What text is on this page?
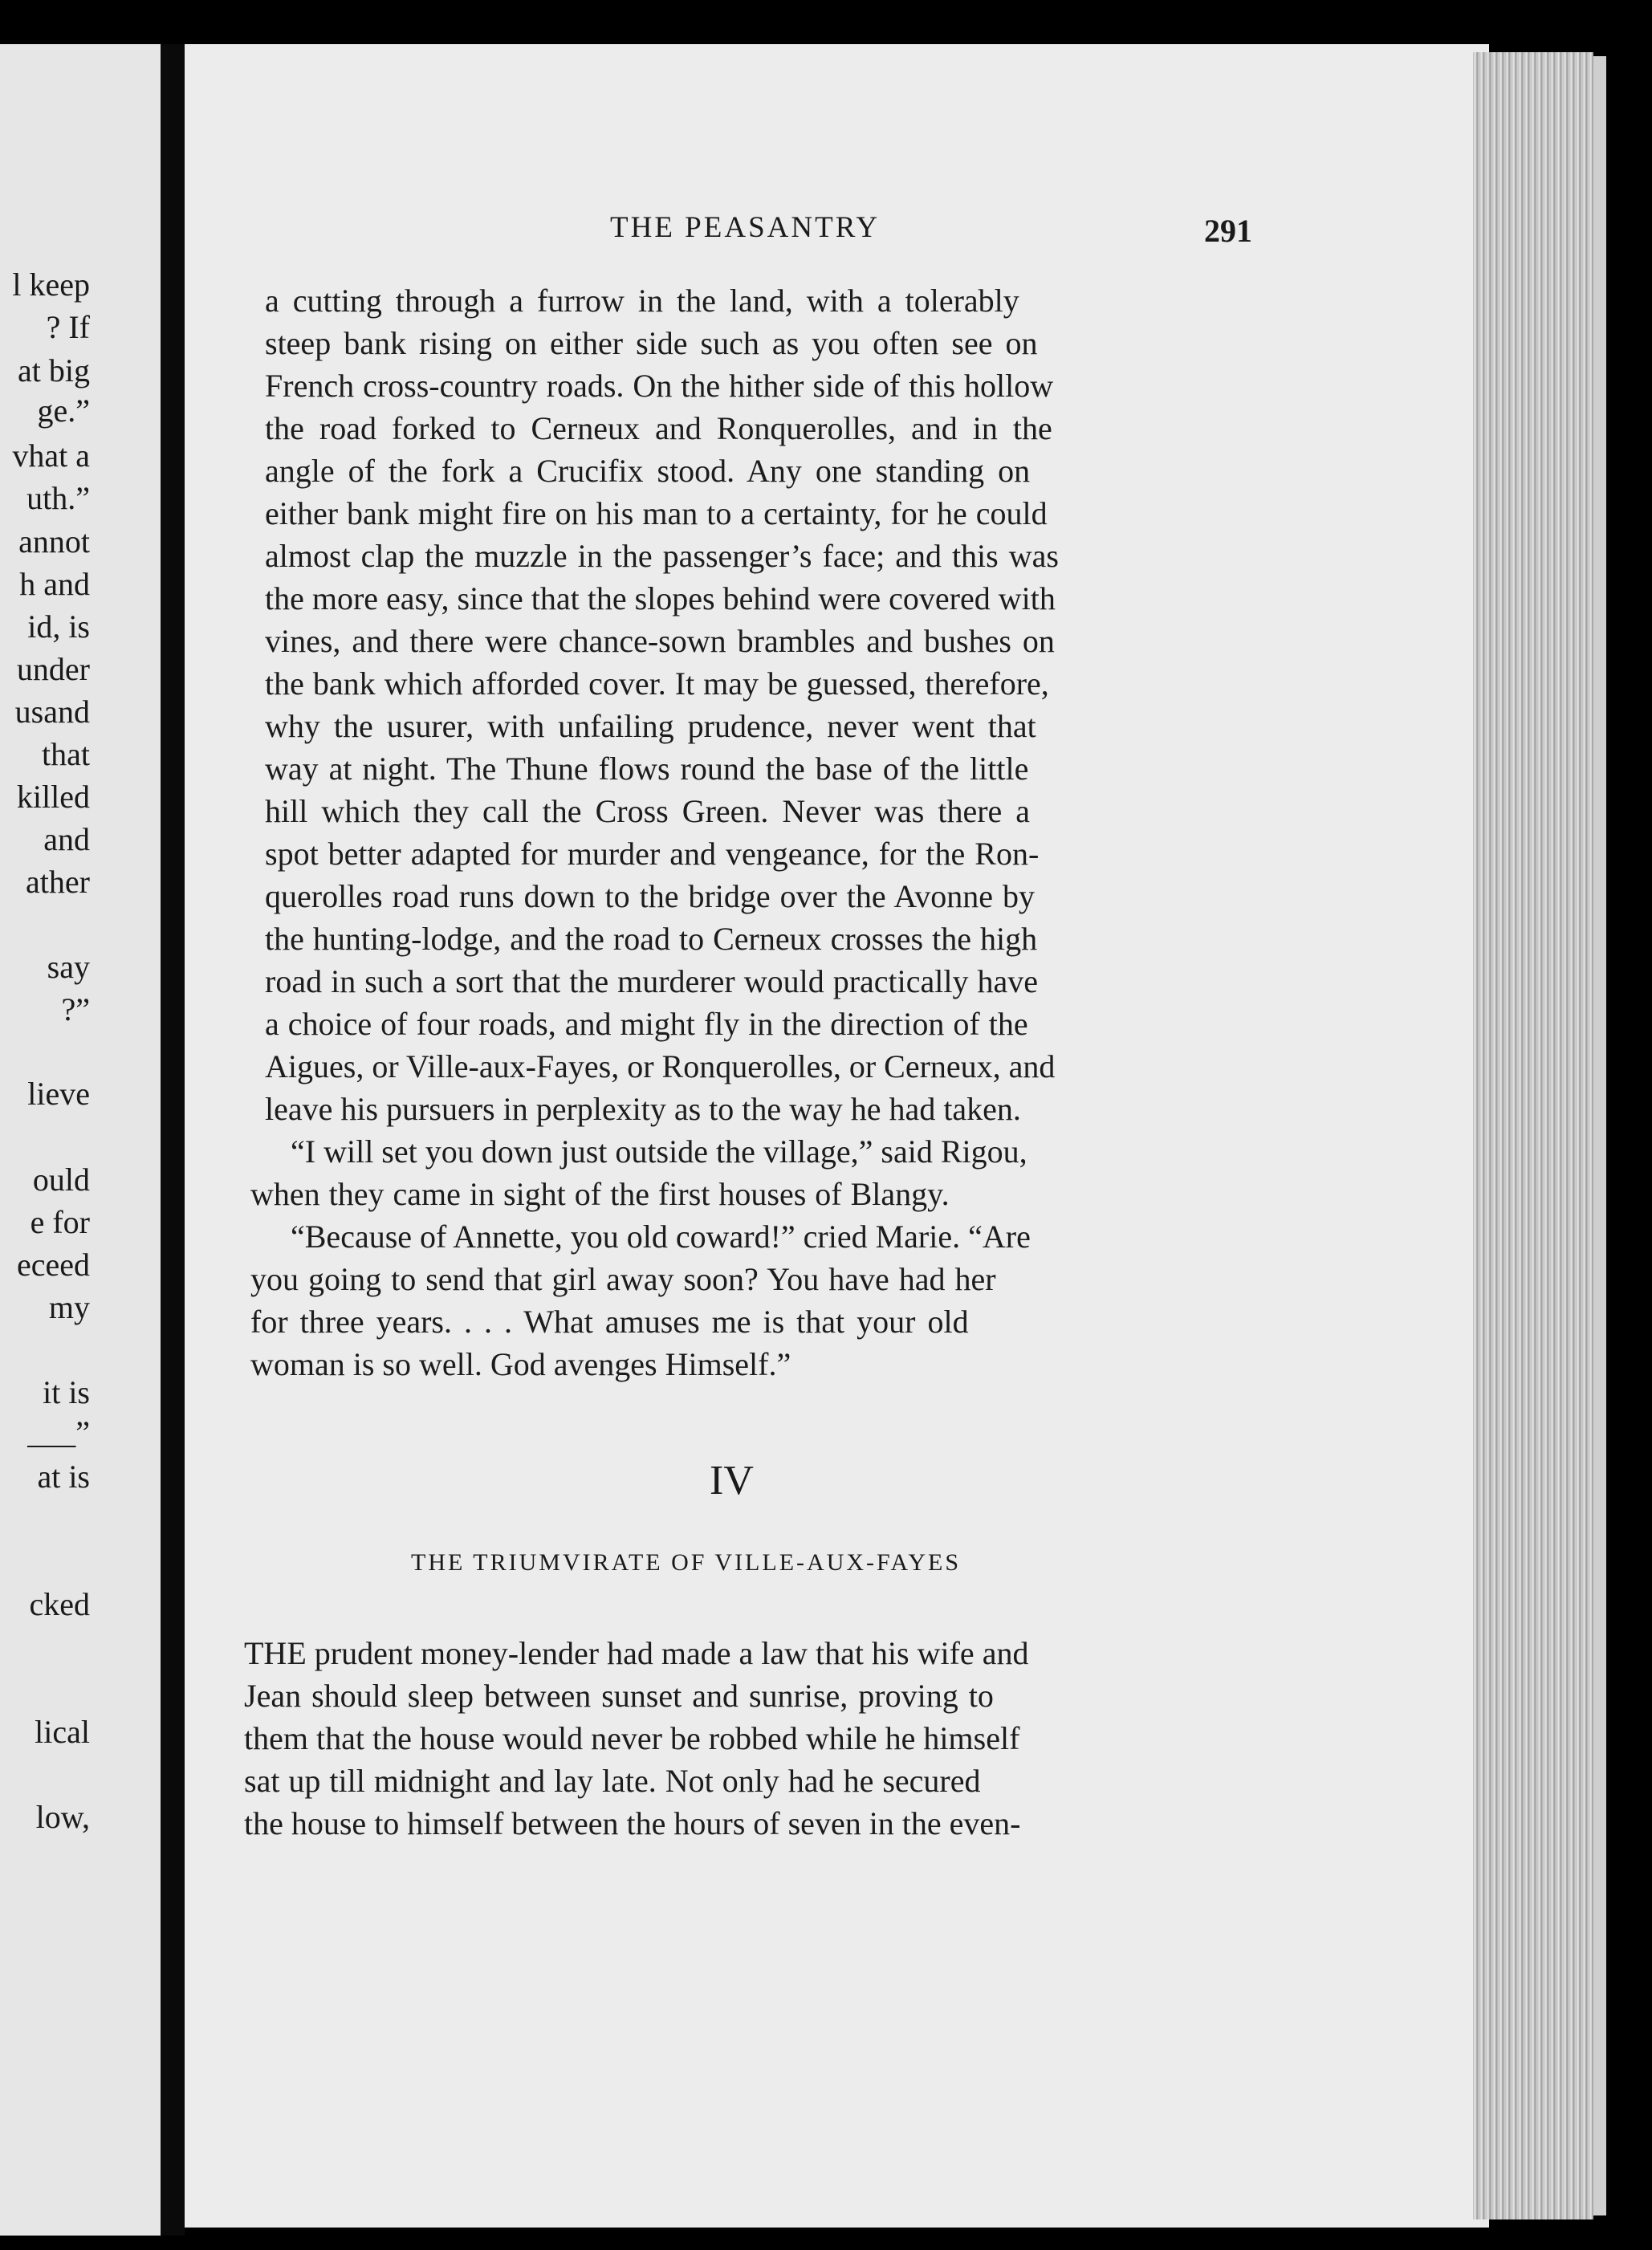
l keep
? If
at big
ge.”
vhat a
uth.”
annot
h and
id, is
under
usand
that
killed
and
ather
say
?”
lieve
ould
e for
eceed
my
it is
___”
at is
cked
lical
low,
THE PEASANTRY	291
a cutting through a furrow in the land, with a tolerably
steep bank rising on either side such as you often see on
French cross-country roads. On the hither side of this hollow
the road forked to Cerneux and Ronquerolles, and in the
angle of the fork a Crucifix stood. Any one standing on
either bank might fire on his man to a certainty, for he could
almost clap the muzzle in the passenger’s face; and this was
the more easy, since that the slopes behind were covered with
vines, and there were chance-sown brambles and bushes on
the bank which afforded cover. It may be guessed, therefore,
why the usurer, with unfailing prudence, never went that
way at night. The Thune flows round the base of the little
hill which they call the Cross Green. Never was there a
spot better adapted for murder and vengeance, for the Ron-
querolles road runs down to the bridge over the Avonne by
the hunting-lodge, and the road to Cerneux crosses the high
road in such a sort that the murderer would practically have
a choice of four roads, and might fly in the direction of the
Aigues, or Ville-aux-Fayes, or Ronquerolles, or Cerneux, and
leave his pursuers in perplexity as to the way he had taken.
“I will set you down just outside the village,” said Rigou,
when they came in sight of the first houses of Blangy.
“Because of Annette, you old coward!” cried Marie. “Are
you going to send that girl away soon? You have had her
for three years. . . . What amuses me is that your old
woman is so well. God avenges Himself.”
IV
THE TRIUMVIRATE OF VILLE-AUX-FAYES
THE prudent money-lender had made a law that his wife and
Jean should sleep between sunset and sunrise, proving to
them that the house would never be robbed while he himself
sat up till midnight and lay late. Not only had he secured
the house to himself between the hours of seven in the even-
